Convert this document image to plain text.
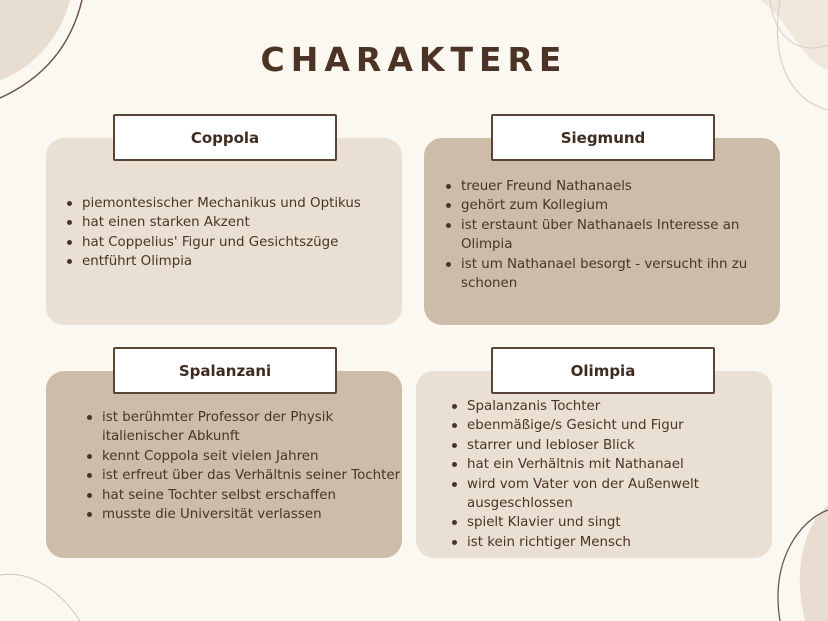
CHARAKTERE
Coppola
piemontesischer Mechanikus und Optikus
hat einen starken Akzent
hat Coppelius' Figur und Gesichtszüge
entführt Olimpia
Siegmund
treuer Freund Nathanaels
gehört zum Kollegium
ist erstaunt über Nathanaels Interesse an Olimpia
ist um Nathanael besorgt - versucht ihn zu schonen
Spalanzani
ist berühmter Professor der Physik italienischer Abkunft
kennt Coppola seit vielen Jahren
ist erfreut über das Verhältnis seiner Tochter
hat seine Tochter selbst erschaffen
musste die Universität verlassen
Olimpia
Spalanzanis Tochter
ebenmäßige/s Gesicht und Figur
starrer und lebloser Blick
hat ein Verhältnis mit Nathanael
wird vom Vater von der Außenwelt ausgeschlossen
spielt Klavier und singt
ist kein richtiger Mensch
